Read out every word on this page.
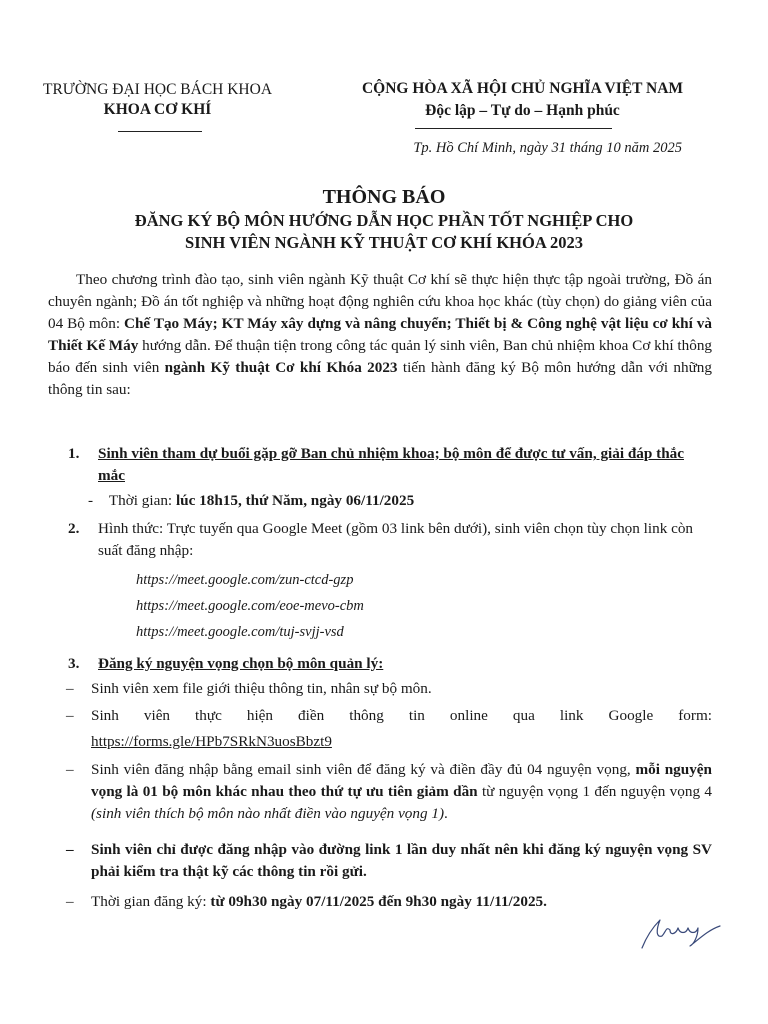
TRƯỜNG ĐẠI HỌC BÁCH KHOA
KHOA CƠ KHÍ
CỘNG HÒA XÃ HỘI CHỦ NGHĨA VIỆT NAM
Độc lập – Tự do – Hạnh phúc
Tp. Hồ Chí Minh, ngày 31 tháng 10 năm 2025
THÔNG BÁO
ĐĂNG KÝ BỘ MÔN HƯỚNG DẪN HỌC PHẦN TỐT NGHIỆP CHO
SINH VIÊN NGÀNH KỸ THUẬT CƠ KHÍ KHÓA 2023
Theo chương trình đào tạo, sinh viên ngành Kỹ thuật Cơ khí sẽ thực hiện thực tập ngoài trường, Đồ án chuyên ngành; Đồ án tốt nghiệp và những hoạt động nghiên cứu khoa học khác (tùy chọn) do giảng viên của 04 Bộ môn: Chế Tạo Máy; KT Máy xây dựng và nâng chuyển; Thiết bị & Công nghệ vật liệu cơ khí và Thiết Kế Máy hướng dẫn. Để thuận tiện trong công tác quản lý sinh viên, Ban chủ nhiệm khoa Cơ khí thông báo đến sinh viên ngành Kỹ thuật Cơ khí Khóa 2023 tiến hành đăng ký Bộ môn hướng dẫn với những thông tin sau:
1. Sinh viên tham dự buổi gặp gỡ Ban chủ nhiệm khoa; bộ môn để được tư vấn, giải đáp thắc mắc
- Thời gian: lúc 18h15, thứ Năm, ngày 06/11/2025
2. Hình thức: Trực tuyến qua Google Meet (gồm 03 link bên dưới), sinh viên chọn tùy chọn link còn suất đăng nhập:
https://meet.google.com/zun-ctcd-gzp
https://meet.google.com/eoe-mevo-cbm
https://meet.google.com/tuj-svjj-vsd
3. Đăng ký nguyện vọng chọn bộ môn quản lý:
– Sinh viên xem file giới thiệu thông tin, nhân sự bộ môn.
– Sinh viên thực hiện điền thông tin online qua link Google form:
https://forms.gle/HPb7SRkN3uosBbzt9
– Sinh viên đăng nhập bằng email sinh viên để đăng ký và điền đầy đủ 04 nguyện vọng, mỗi nguyện vọng là 01 bộ môn khác nhau theo thứ tự ưu tiên giảm dần từ nguyện vọng 1 đến nguyện vọng 4 (sinh viên thích bộ môn nào nhất điền vào nguyện vọng 1).
– Sinh viên chỉ được đăng nhập vào đường link 1 lần duy nhất nên khi đăng ký nguyện vọng SV phải kiểm tra thật kỹ các thông tin rồi gửi.
– Thời gian đăng ký: từ 09h30 ngày 07/11/2025 đến 9h30 ngày 11/11/2025.
